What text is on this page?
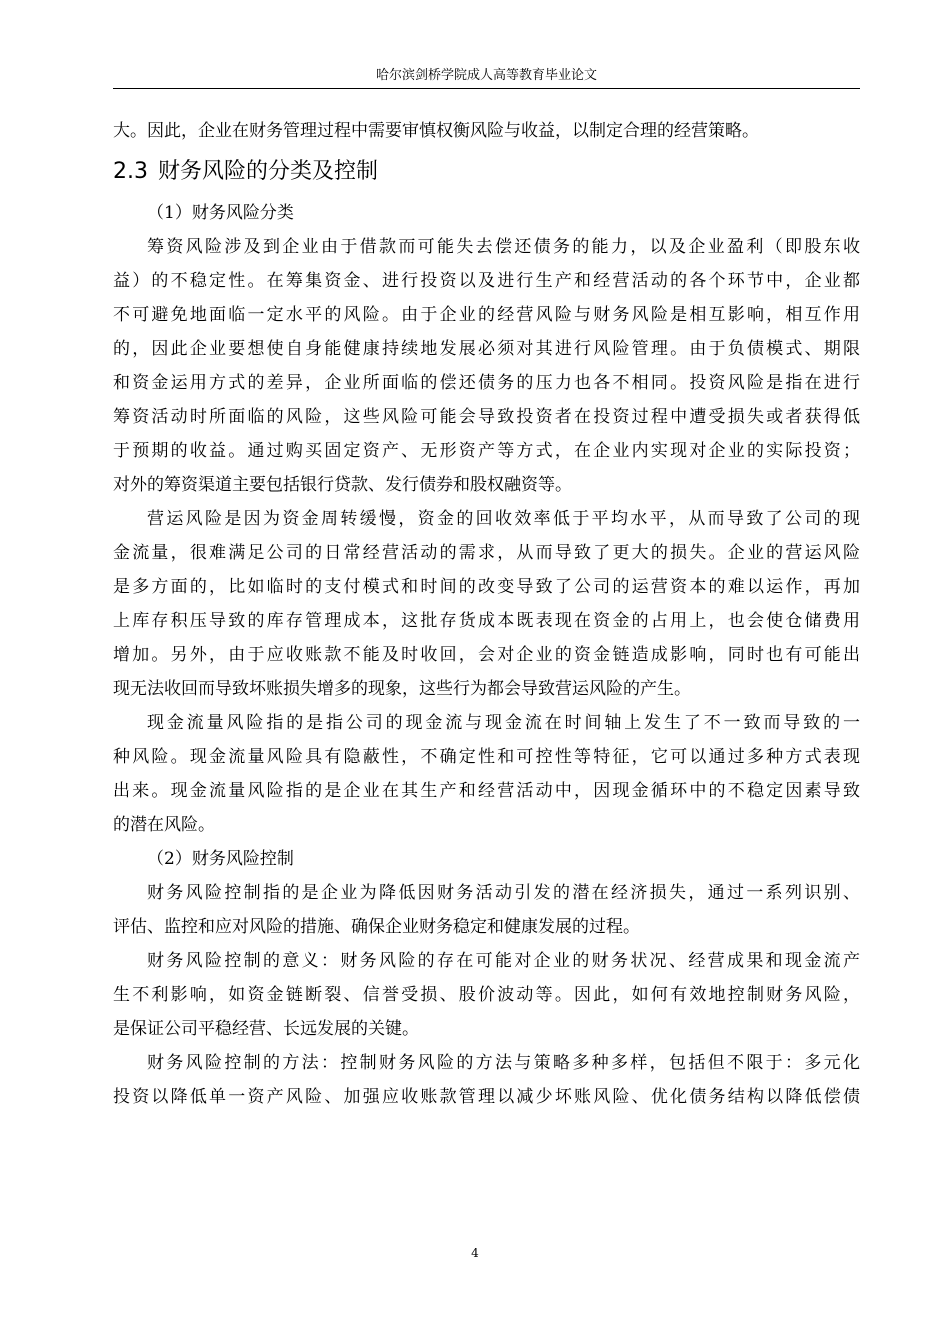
哈尔滨剑桥学院成人高等教育毕业论文
大。因此，企业在财务管理过程中需要审慎权衡风险与收益，以制定合理的经营策略。
2.3 财务风险的分类及控制
（1）财务风险分类
筹资风险涉及到企业由于借款而可能失去偿还债务的能力，以及企业盈利（即股东收
益）的不稳定性。在筹集资金、进行投资以及进行生产和经营活动的各个环节中，企业都
不可避免地面临一定水平的风险。由于企业的经营风险与财务风险是相互影响，相互作用
的，因此企业要想使自身能健康持续地发展必须对其进行风险管理。由于负债模式、期限
和资金运用方式的差异，企业所面临的偿还债务的压力也各不相同。投资风险是指在进行
筹资活动时所面临的风险，这些风险可能会导致投资者在投资过程中遭受损失或者获得低
于预期的收益。通过购买固定资产、无形资产等方式，在企业内实现对企业的实际投资；
对外的筹资渠道主要包括银行贷款、发行债券和股权融资等。
营运风险是因为资金周转缓慢，资金的回收效率低于平均水平，从而导致了公司的现
金流量，很难满足公司的日常经营活动的需求，从而导致了更大的损失。企业的营运风险
是多方面的，比如临时的支付模式和时间的改变导致了公司的运营资本的难以运作，再加
上库存积压导致的库存管理成本，这批存货成本既表现在资金的占用上，也会使仓储费用
增加。另外，由于应收账款不能及时收回，会对企业的资金链造成影响，同时也有可能出
现无法收回而导致坏账损失增多的现象，这些行为都会导致营运风险的产生。
现金流量风险指的是指公司的现金流与现金流在时间轴上发生了不一致而导致的一
种风险。现金流量风险具有隐蔽性，不确定性和可控性等特征，它可以通过多种方式表现
出来。现金流量风险指的是企业在其生产和经营活动中，因现金循环中的不稳定因素导致
的潜在风险。
（2）财务风险控制
财务风险控制指的是企业为降低因财务活动引发的潜在经济损失，通过一系列识别、
评估、监控和应对风险的措施、确保企业财务稳定和健康发展的过程。
财务风险控制的意义：财务风险的存在可能对企业的财务状况、经营成果和现金流产
生不利影响，如资金链断裂、信誉受损、股价波动等。因此，如何有效地控制财务风险，
是保证公司平稳经营、长远发展的关键。
财务风险控制的方法：控制财务风险的方法与策略多种多样，包括但不限于：多元化
投资以降低单一资产风险、加强应收账款管理以减少坏账风险、优化债务结构以降低偿债
4
